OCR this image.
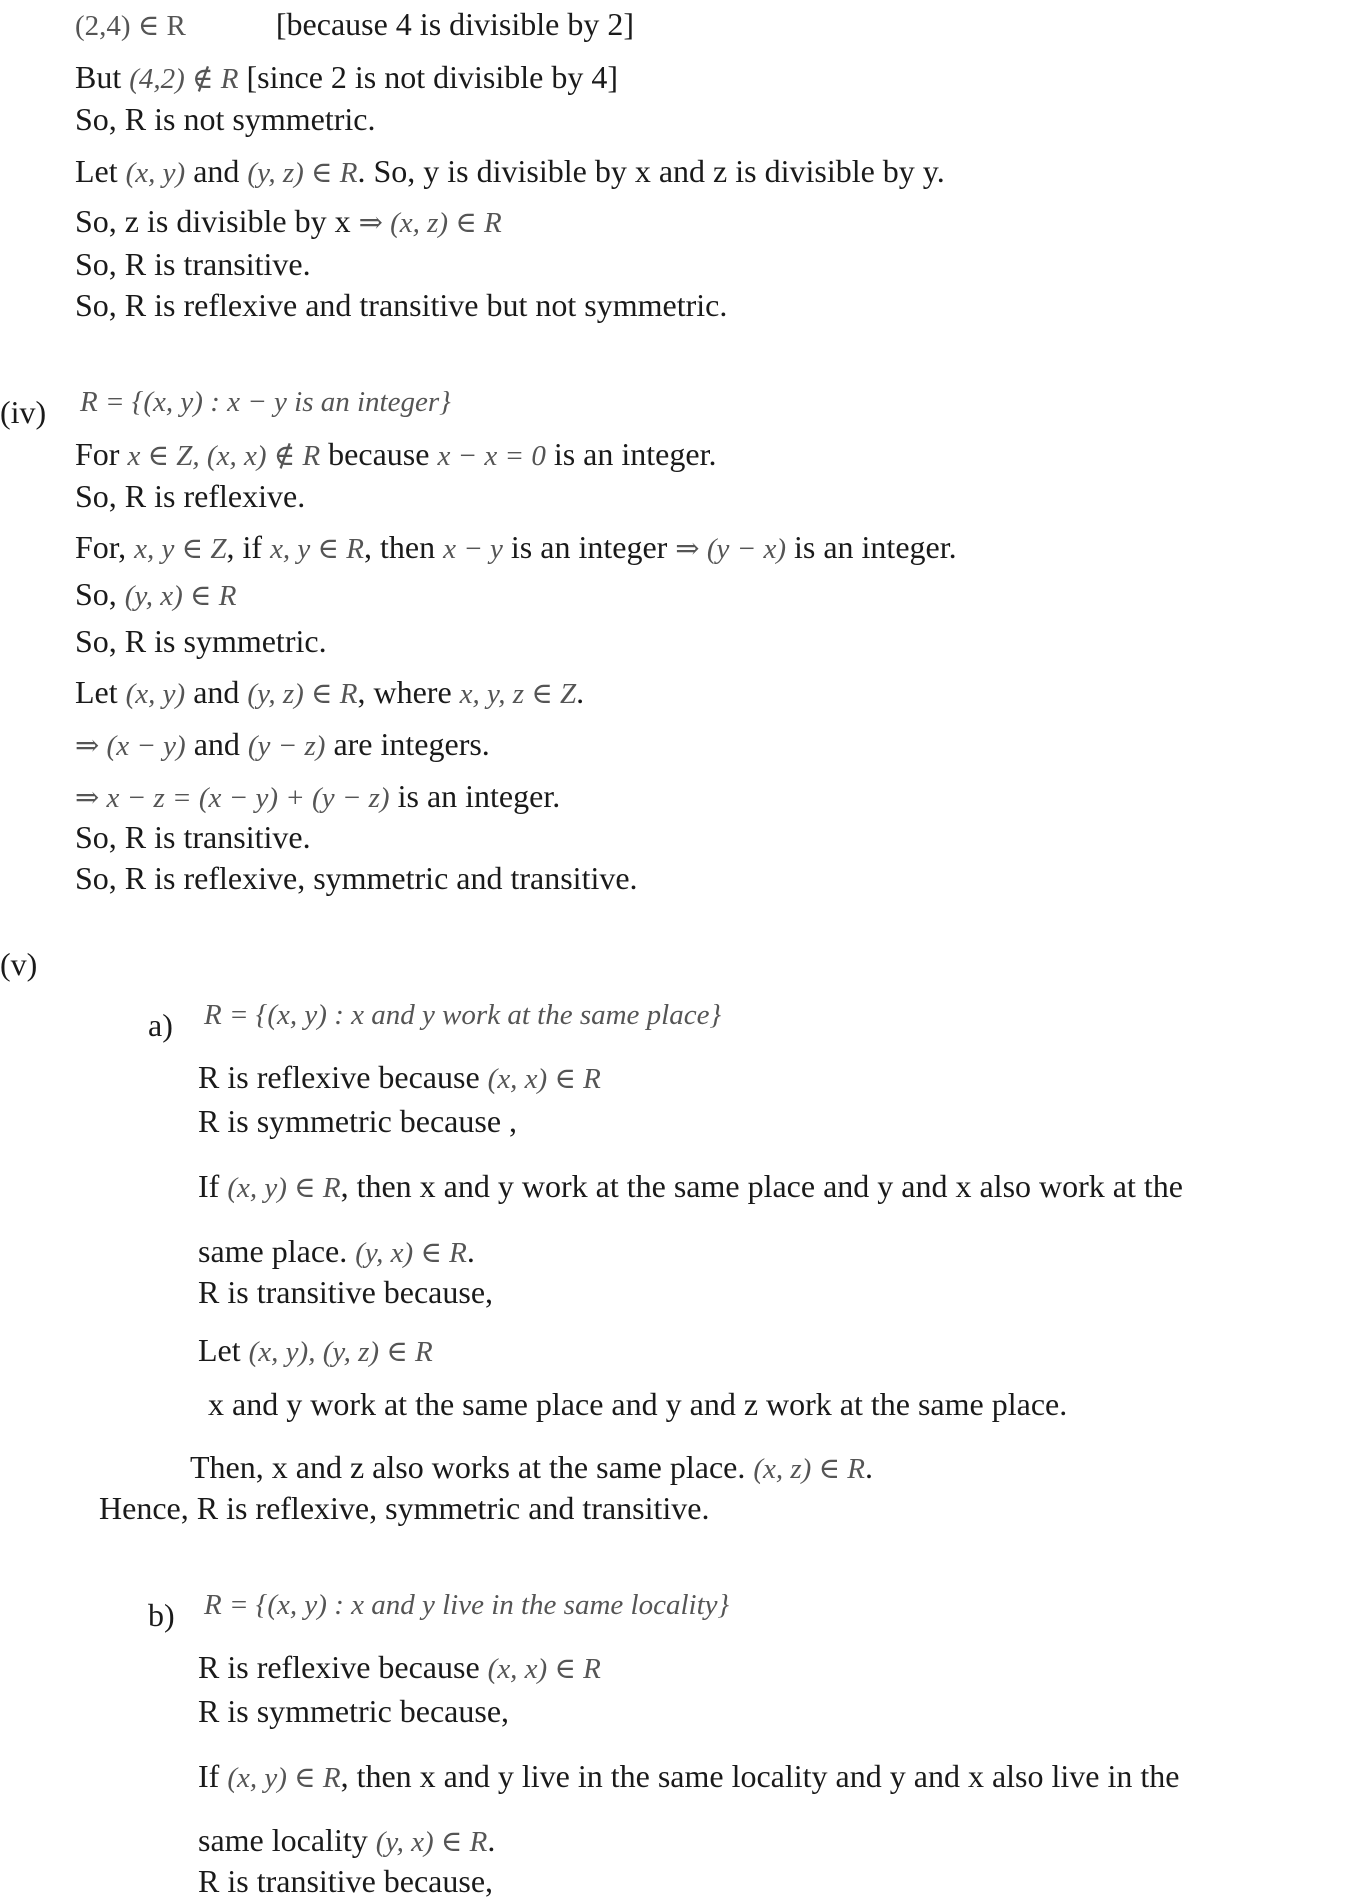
(2,4) ∈ R	[because 4 is divisible by 2]
But (4,2) ∉ R [since 2 is not divisible by 4]
So, R is not symmetric.
Let (x, y) and (y, z) ∈ R. So, y is divisible by x and z is divisible by y.
So, z is divisible by x ⇒ (x, z) ∈ R
So, R is transitive.
So, R is reflexive and transitive but not symmetric.
(iv) R = {(x, y) : x − y is an integer}
For x ∈ Z, (x, x) ∉ R because x − x = 0 is an integer.
So, R is reflexive.
For, x, y ∈ Z, if x, y ∈ R, then x − y is an integer ⇒ (y − x) is an integer.
So, (y, x) ∈ R
So, R is symmetric.
Let (x, y) and (y, z) ∈ R, where x, y, z ∈ Z.
⇒ (x − y) and (y − z) are integers.
⇒ x − z = (x − y) + (y − z) is an integer.
So, R is transitive.
So, R is reflexive, symmetric and transitive.
(v)
a) R = {(x, y) : x and y work at the same place}
R is reflexive because (x, x) ∈ R
R is symmetric because ,
If (x, y) ∈ R, then x and y work at the same place and y and x also work at the
same place. (y, x) ∈ R.
R is transitive because,
Let (x, y), (y, z) ∈ R
x and y work at the same place and y and z work at the same place.
Then, x and z also works at the same place. (x, z) ∈ R.
Hence, R is reflexive, symmetric and transitive.
b) R = {(x, y) : x and y live in the same locality}
R is reflexive because (x, x) ∈ R
R is symmetric because,
If (x, y) ∈ R, then x and y live in the same locality and y and x also live in the
same locality (y, x) ∈ R.
R is transitive because,
